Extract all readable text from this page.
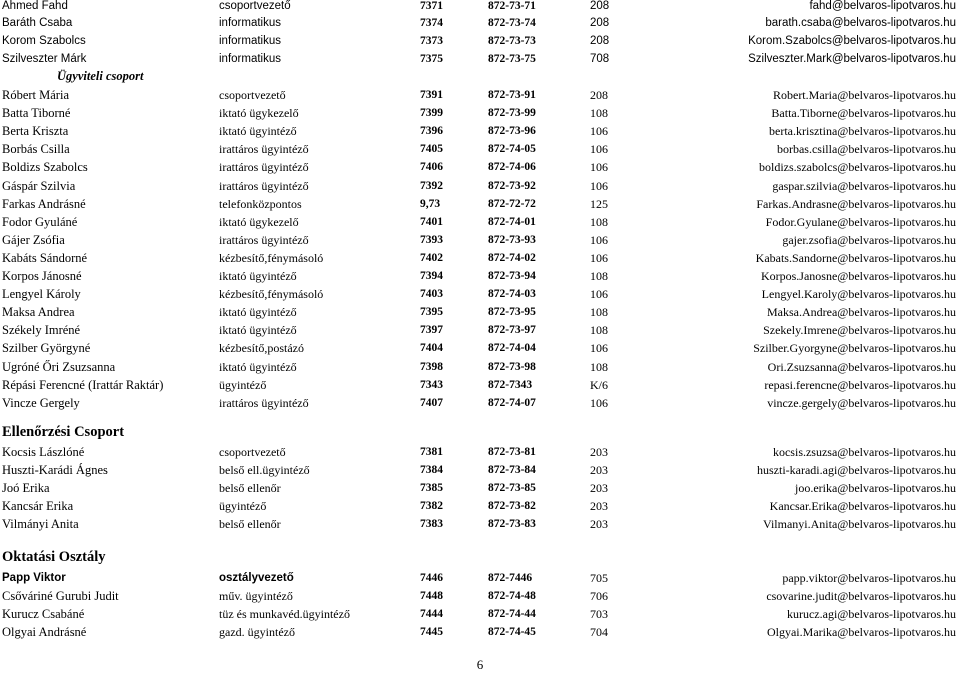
Ahmed Fahd	csoportvezető	7371	872-73-71	208	fahd@belvaros-lipotvaros.hu
Baráth Csaba	informatikus	7374	872-73-74	208	barath.csaba@belvaros-lipotvaros.hu
Korom Szabolcs	informatikus	7373	872-73-73	208	Korom.Szabolcs@belvaros-lipotvaros.hu
Szilveszter Márk	informatikus	7375	872-73-75	708	Szilveszter.Mark@belvaros-lipotvaros.hu
Ügyviteli csoport
Róbert Mária	csoportvezető	7391	872-73-91	208	Robert.Maria@belvaros-lipotvaros.hu
Batta Tiborné	iktató ügykezelő	7399	872-73-99	108	Batta.Tiborne@belvaros-lipotvaros.hu
Berta Kriszta	iktató ügyintéző	7396	872-73-96	106	berta.krisztina@belvaros-lipotvaros.hu
Borbás Csilla	irattáros ügyintéző	7405	872-74-05	106	borbas.csilla@belvaros-lipotvaros.hu
Boldizs Szabolcs	irattáros ügyintéző	7406	872-74-06	106	boldizs.szabolcs@belvaros-lipotvaros.hu
Gáspár Szilvia	irattáros ügyintéző	7392	872-73-92	106	gaspar.szilvia@belvaros-lipotvaros.hu
Farkas Andrásné	telefonközpontos	9,73	872-72-72	125	Farkas.Andrasne@belvaros-lipotvaros.hu
Fodor Gyuláné	iktató ügykezelő	7401	872-74-01	108	Fodor.Gyulane@belvaros-lipotvaros.hu
Gájer Zsófia	irattáros ügyintéző	7393	872-73-93	106	gajer.zsofia@belvaros-lipotvaros.hu
Kabáts Sándorné	kézbesítő,fénymásoló	7402	872-74-02	106	Kabats.Sandorne@belvaros-lipotvaros.hu
Korpos Jánosné	iktató ügyintéző	7394	872-73-94	108	Korpos.Janosne@belvaros-lipotvaros.hu
Lengyel Károly	kézbesítő,fénymásoló	7403	872-74-03	106	Lengyel.Karoly@belvaros-lipotvaros.hu
Maksa Andrea	iktató ügyintéző	7395	872-73-95	108	Maksa.Andrea@belvaros-lipotvaros.hu
Székely Imréné	iktató ügyintéző	7397	872-73-97	108	Szekely.Imrene@belvaros-lipotvaros.hu
Szilber Györgyné	kézbesítő,postázó	7404	872-74-04	106	Szilber.Gyorgyne@belvaros-lipotvaros.hu
Ugróné Őri Zsuzsanna	iktató ügyintéző	7398	872-73-98	108	Ori.Zsuzsanna@belvaros-lipotvaros.hu
Répási Ferencné (Irattár Raktár)	ügyintéző	7343	872-7343	K/6	repasi.ferencne@belvaros-lipotvaros.hu
Vincze Gergely	irattáros ügyintéző	7407	872-74-07	106	vincze.gergely@belvaros-lipotvaros.hu
Ellenőrzési Csoport
Kocsis Lászlóné	csoportvezető	7381	872-73-81	203	kocsis.zsuzsa@belvaros-lipotvaros.hu
Huszti-Karádi Ágnes	belső ell.ügyintéző	7384	872-73-84	203	huszti-karadi.agi@belvaros-lipotvaros.hu
Joó Erika	belső ellenőr	7385	872-73-85	203	joo.erika@belvaros-lipotvaros.hu
Kancsár Erika	ügyintéző	7382	872-73-82	203	Kancsar.Erika@belvaros-lipotvaros.hu
Vilmányi Anita	belső ellenőr	7383	872-73-83	203	Vilmanyi.Anita@belvaros-lipotvaros.hu
Oktatási Osztály
Papp Viktor	osztályvezető	7446	872-7446	705	papp.viktor@belvaros-lipotvaros.hu
Csőváriné Gurubi Judit	műv. ügyintéző	7448	872-74-48	706	csovarine.judit@belvaros-lipotvaros.hu
Kurucz Csabáné	tüz és munkavéd.ügyintéző	7444	872-74-44	703	kurucz.agi@belvaros-lipotvaros.hu
Olgyai Andrásné	gazd. ügyintéző	7445	872-74-45	704	Olgyai.Marika@belvaros-lipotvaros.hu
6
